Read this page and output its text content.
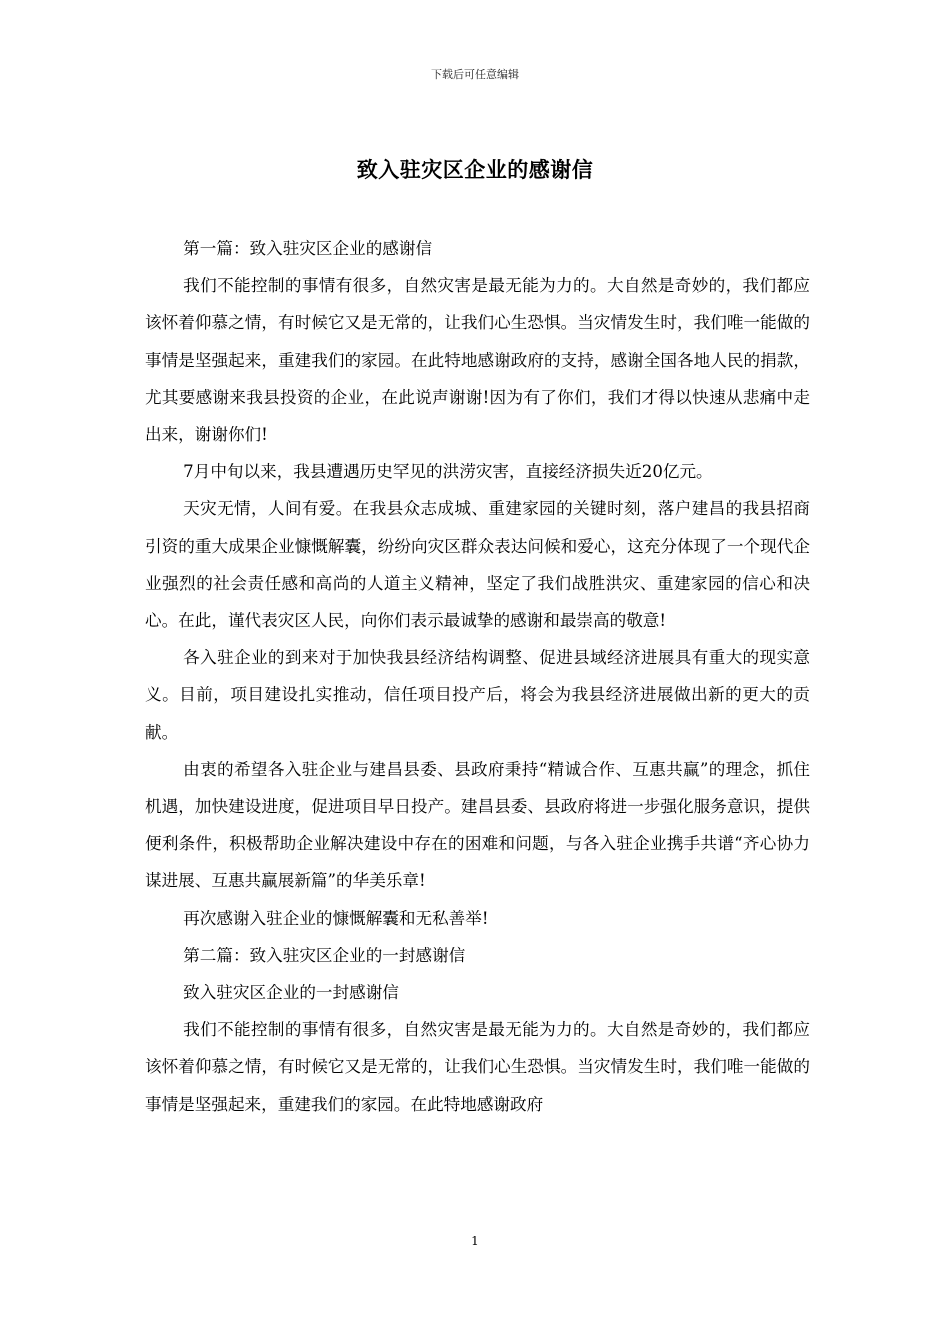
下载后可任意编辑
致入驻灾区企业的感谢信

第一篇：致入驻灾区企业的感谢信

我们不能控制的事情有很多，自然灾害是最无能为力的。大自然是奇妙的，我们都应该怀着仰慕之情，有时候它又是无常的，让我们心生恐惧。当灾情发生时，我们唯一能做的事情是坚强起来，重建我们的家园。在此特地感谢政府的支持，感谢全国各地人民的捐款，尤其要感谢来我县投资的企业，在此说声谢谢!因为有了你们，我们才得以快速从悲痛中走出来，谢谢你们!

7月中旬以来，我县遭遇历史罕见的洪涝灾害，直接经济损失近20亿元。

天灾无情，人间有爱。在我县众志成城、重建家园的关键时刻，落户建昌的我县招商引资的重大成果企业慷慨解囊，纷纷向灾区群众表达问候和爱心，这充分体现了一个现代企业强烈的社会责任感和高尚的人道主义精神，坚定了我们战胜洪灾、重建家园的信心和决心。在此，谨代表灾区人民，向你们表示最诚挚的感谢和最崇高的敬意!

各入驻企业的到来对于加快我县经济结构调整、促进县域经济进展具有重大的现实意义。目前，项目建设扎实推动，信任项目投产后，将会为我县经济进展做出新的更大的贡献。

由衷的希望各入驻企业与建昌县委、县政府秉持“精诚合作、互惠共赢”的理念，抓住机遇，加快建设进度，促进项目早日投产。建昌县委、县政府将进一步强化服务意识，提供便利条件，积极帮助企业解决建设中存在的困难和问题，与各入驻企业携手共谱“齐心协力谋进展、互惠共赢展新篇”的华美乐章!

再次感谢入驻企业的慷慨解囊和无私善举!

第二篇：致入驻灾区企业的一封感谢信

致入驻灾区企业的一封感谢信

我们不能控制的事情有很多，自然灾害是最无能为力的。大自然是奇妙的，我们都应该怀着仰慕之情，有时候它又是无常的，让我们心生恐惧。当灾情发生时，我们唯一能做的事情是坚强起来，重建我们的家园。在此特地感谢政府

1
